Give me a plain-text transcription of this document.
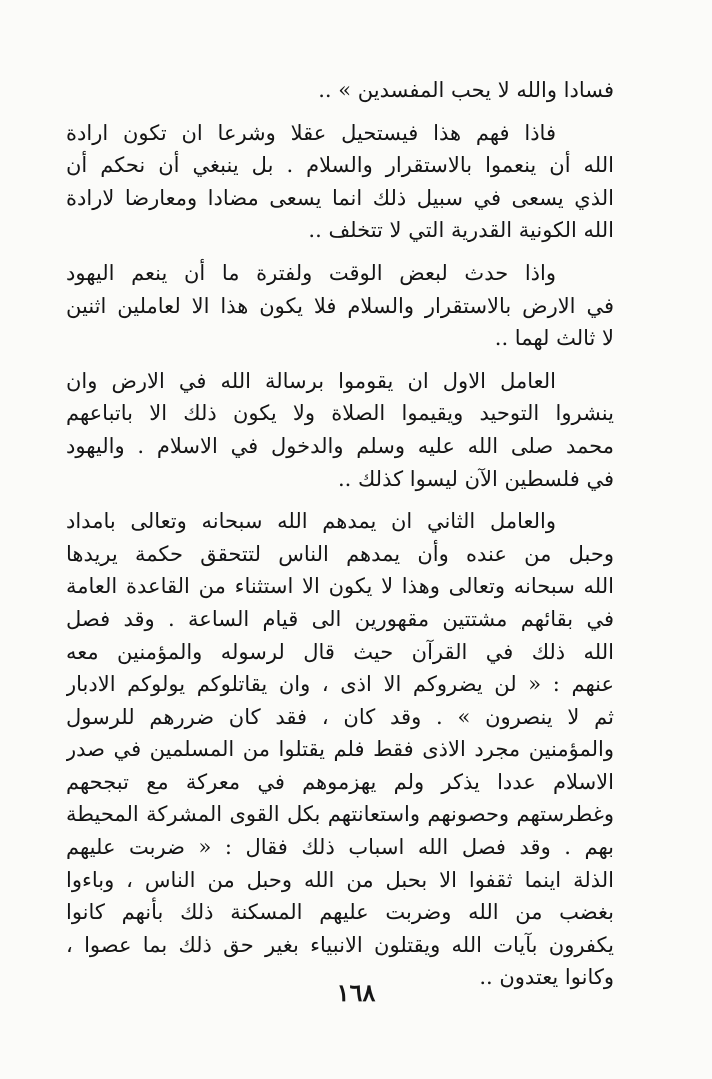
فسادا والله لا يحب المفسدين » ..
فاذا فهم هذا فيستحيل عقلا وشرعا ان تكون ارادة
الله أن ينعموا بالاستقرار والسلام . بل ينبغي أن نحكم أن
الذي يسعى في سبيل ذلك انما يسعى مضادا ومعارضا لارادة
الله الكونية القدرية التي لا تتخلف ..
واذا حدث لبعض الوقت ولفترة ما أن ينعم اليهود
في الارض بالاستقرار والسلام فلا يكون هذا الا لعاملين اثنين
لا ثالث لهما ..
العامل الاول ان يقوموا برسالة الله في الارض وان
ينشروا التوحيد ويقيموا الصلاة ولا يكون ذلك الا باتباعهم
محمد صلى الله عليه وسلم والدخول في الاسلام . واليهود
في فلسطين الآن ليسوا كذلك ..
والعامل الثاني ان يمدهم الله سبحانه وتعالى بامداد
وحبل من عنده وأن يمدهم الناس لتتحقق حكمة يريدها
الله سبحانه وتعالى وهذا لا يكون الا استثناء من القاعدة العامة
في بقائهم مشتتين مقهورين الى قيام الساعة . وقد فصل
الله ذلك في القرآن حيث قال لرسوله والمؤمنين معه
عنهم : « لن يضروكم الا اذى ، وان يقاتلوكم يولوكم الادبار
ثم لا ينصرون » . وقد كان ، فقد كان ضررهم للرسول
والمؤمنين مجرد الاذى فقط فلم يقتلوا من المسلمين في صدر
الاسلام عددا يذكر ولم يهزموهم في معركة مع تبجحهم
وغطرستهم وحصونهم واستعانتهم بكل القوى المشركة المحيطة
بهم . وقد فصل الله اسباب ذلك فقال : « ضربت عليهم
الذلة اينما ثقفوا الا بحبل من الله وحبل من الناس ، وباءوا
بغضب من الله وضربت عليهم المسكنة ذلك بأنهم كانوا
يكفرون بآيات الله ويقتلون الانبياء بغير حق ذلك بما عصوا ،
وكانوا يعتدون ..
١٦٨
